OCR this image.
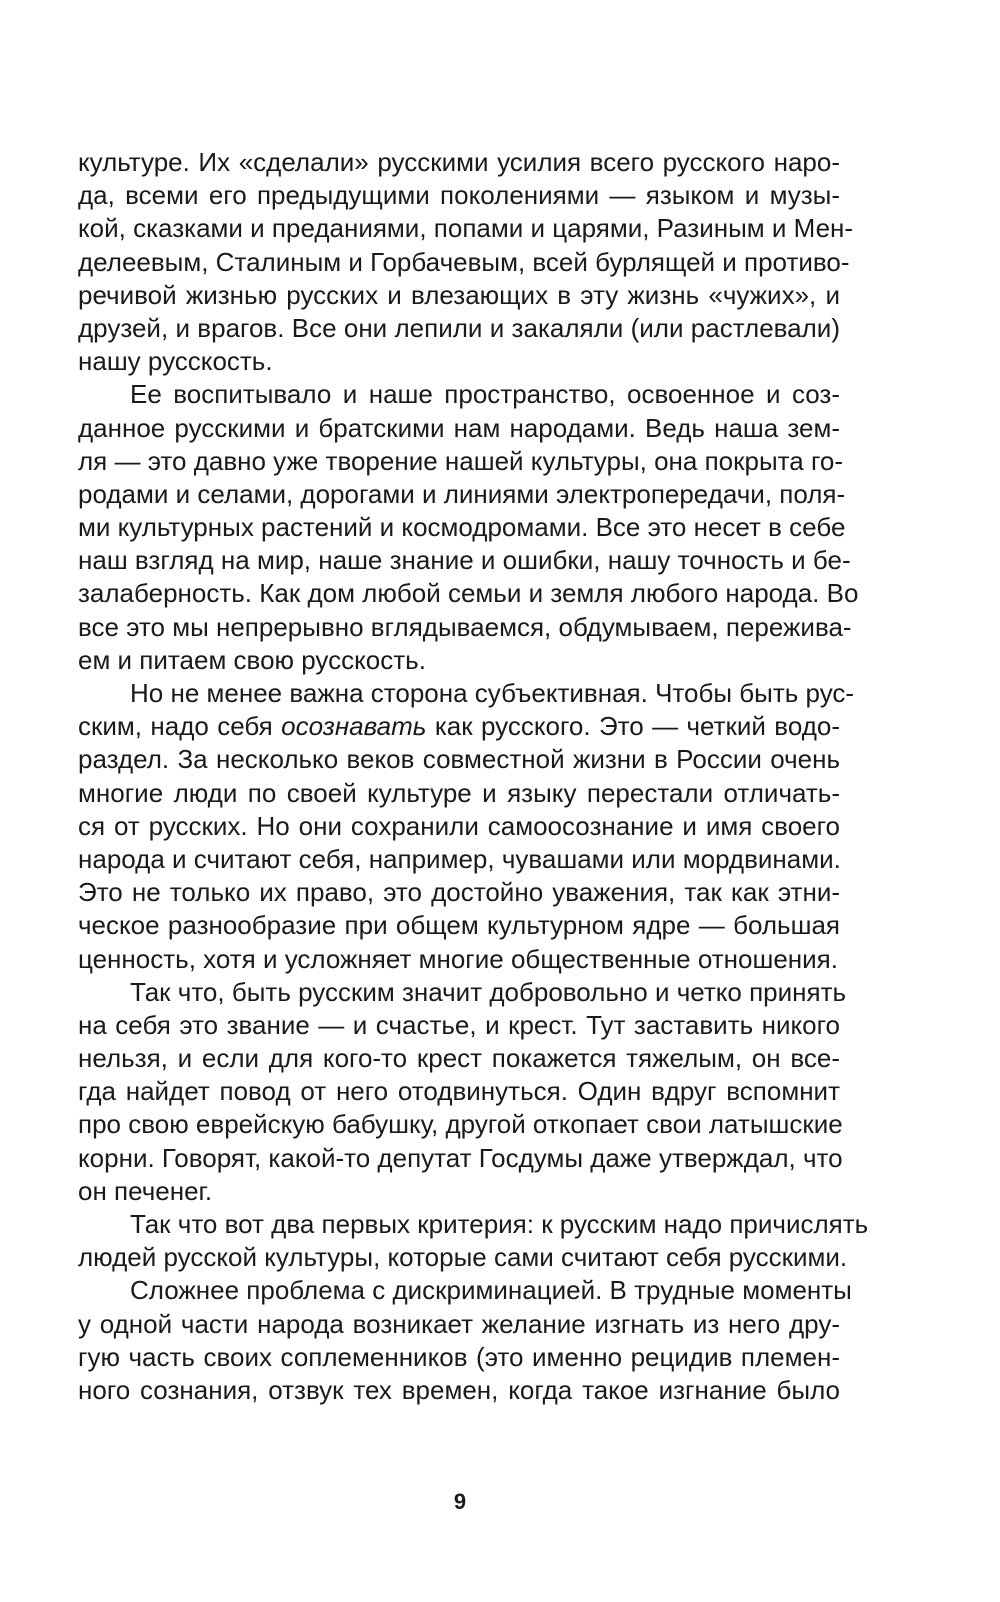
культуре. Их «сделали» русскими усилия всего русского наро-
да, всеми его предыдущими поколениями — языком и музы-
кой, сказками и преданиями, попами и царями, Разиным и Мен-
делеевым, Сталиным и Горбачевым, всей бурлящей и противо-
речивой жизнью русских и влезающих в эту жизнь «чужих», и
друзей, и врагов. Все они лепили и закаляли (или растлевали)
нашу русскость.
Ее воспитывало и наше пространство, освоенное и соз-
данное русскими и братскими нам народами. Ведь наша зем-
ля — это давно уже творение нашей культуры, она покрыта го-
родами и селами, дорогами и линиями электропередачи, поля-
ми культурных растений и космодромами. Все это несет в себе
наш взгляд на мир, наше знание и ошибки, нашу точность и бе-
залаберность. Как дом любой семьи и земля любого народа. Во
все это мы непрерывно вглядываемся, обдумываем, пережива-
ем и питаем свою русскость.
Но не менее важна сторона субъективная. Чтобы быть рус-
ским, надо себя осознавать как русского. Это — четкий водо-
раздел. За несколько веков совместной жизни в России очень
многие люди по своей культуре и языку перестали отличать-
ся от русских. Но они сохранили самоосознание и имя своего
народа и считают себя, например, чувашами или мордвинами.
Это не только их право, это достойно уважения, так как этни-
ческое разнообразие при общем культурном ядре — большая
ценность, хотя и усложняет многие общественные отношения.
Так что, быть русским значит добровольно и четко принять
на себя это звание — и счастье, и крест. Тут заставить никого
нельзя, и если для кого-то крест покажется тяжелым, он все-
гда найдет повод от него отодвинуться. Один вдруг вспомнит
про свою еврейскую бабушку, другой откопает свои латышские
корни. Говорят, какой-то депутат Госдумы даже утверждал, что
он печенег.
Так что вот два первых критерия: к русским надо причислять
людей русской культуры, которые сами считают себя русскими.
Сложнее проблема с дискриминацией. В трудные моменты
у одной части народа возникает желание изгнать из него дру-
гую часть своих соплеменников (это именно рецидив племен-
ного сознания, отзвук тех времен, когда такое изгнание было
9
